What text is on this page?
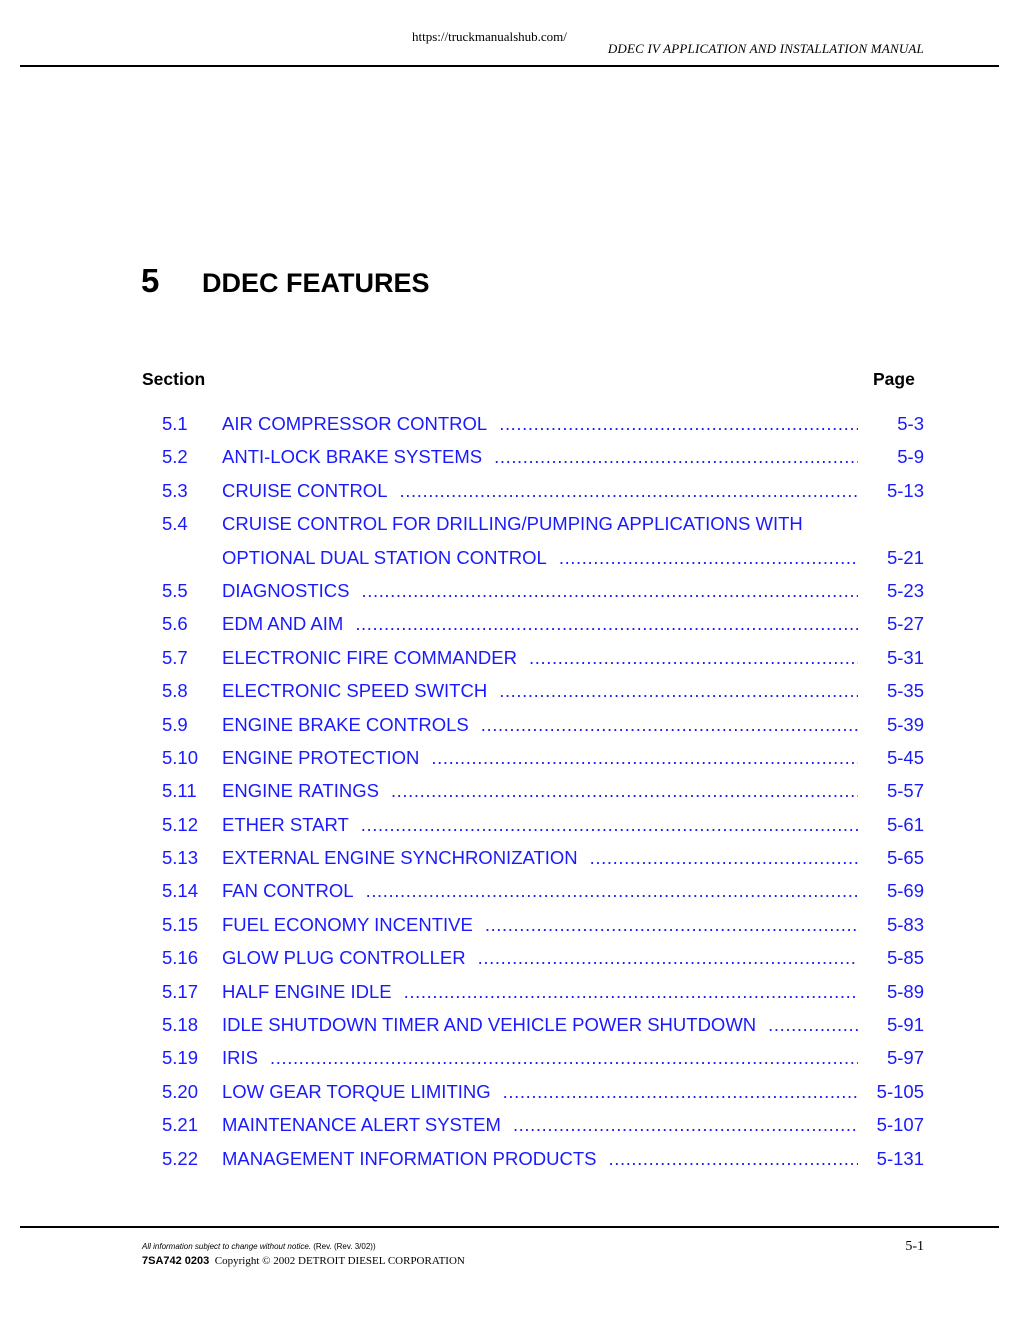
https://truckmanualshub.com/
DDEC IV APPLICATION AND INSTALLATION MANUAL
5 DDEC FEATURES
Section	Page
5.1 AIR COMPRESSOR CONTROL .....	5-3
5.2 ANTI-LOCK BRAKE SYSTEMS .....	5-9
5.3 CRUISE CONTROL .....	5-13
5.4 CRUISE CONTROL FOR DRILLING/PUMPING APPLICATIONS WITH
OPTIONAL DUAL STATION CONTROL .....	5-21
5.5 DIAGNOSTICS .....	5-23
5.6 EDM AND AIM .....	5-27
5.7 ELECTRONIC FIRE COMMANDER .....	5-31
5.8 ELECTRONIC SPEED SWITCH .....	5-35
5.9 ENGINE BRAKE CONTROLS .....	5-39
5.10 ENGINE PROTECTION .....	5-45
5.11 ENGINE RATINGS .....	5-57
5.12 ETHER START .....	5-61
5.13 EXTERNAL ENGINE SYNCHRONIZATION .....	5-65
5.14 FAN CONTROL .....	5-69
5.15 FUEL ECONOMY INCENTIVE .....	5-83
5.16 GLOW PLUG CONTROLLER .....	5-85
5.17 HALF ENGINE IDLE .....	5-89
5.18 IDLE SHUTDOWN TIMER AND VEHICLE POWER SHUTDOWN .....	5-91
5.19 IRIS .....	5-97
5.20 LOW GEAR TORQUE LIMITING .....	5-105
5.21 MAINTENANCE ALERT SYSTEM .....	5-107
5.22 MANAGEMENT INFORMATION PRODUCTS .....	5-131
All information subject to change without notice. (Rev. (Rev. 3/02))
7SA742 0203 Copyright © 2002 DETROIT DIESEL CORPORATION
5-1
